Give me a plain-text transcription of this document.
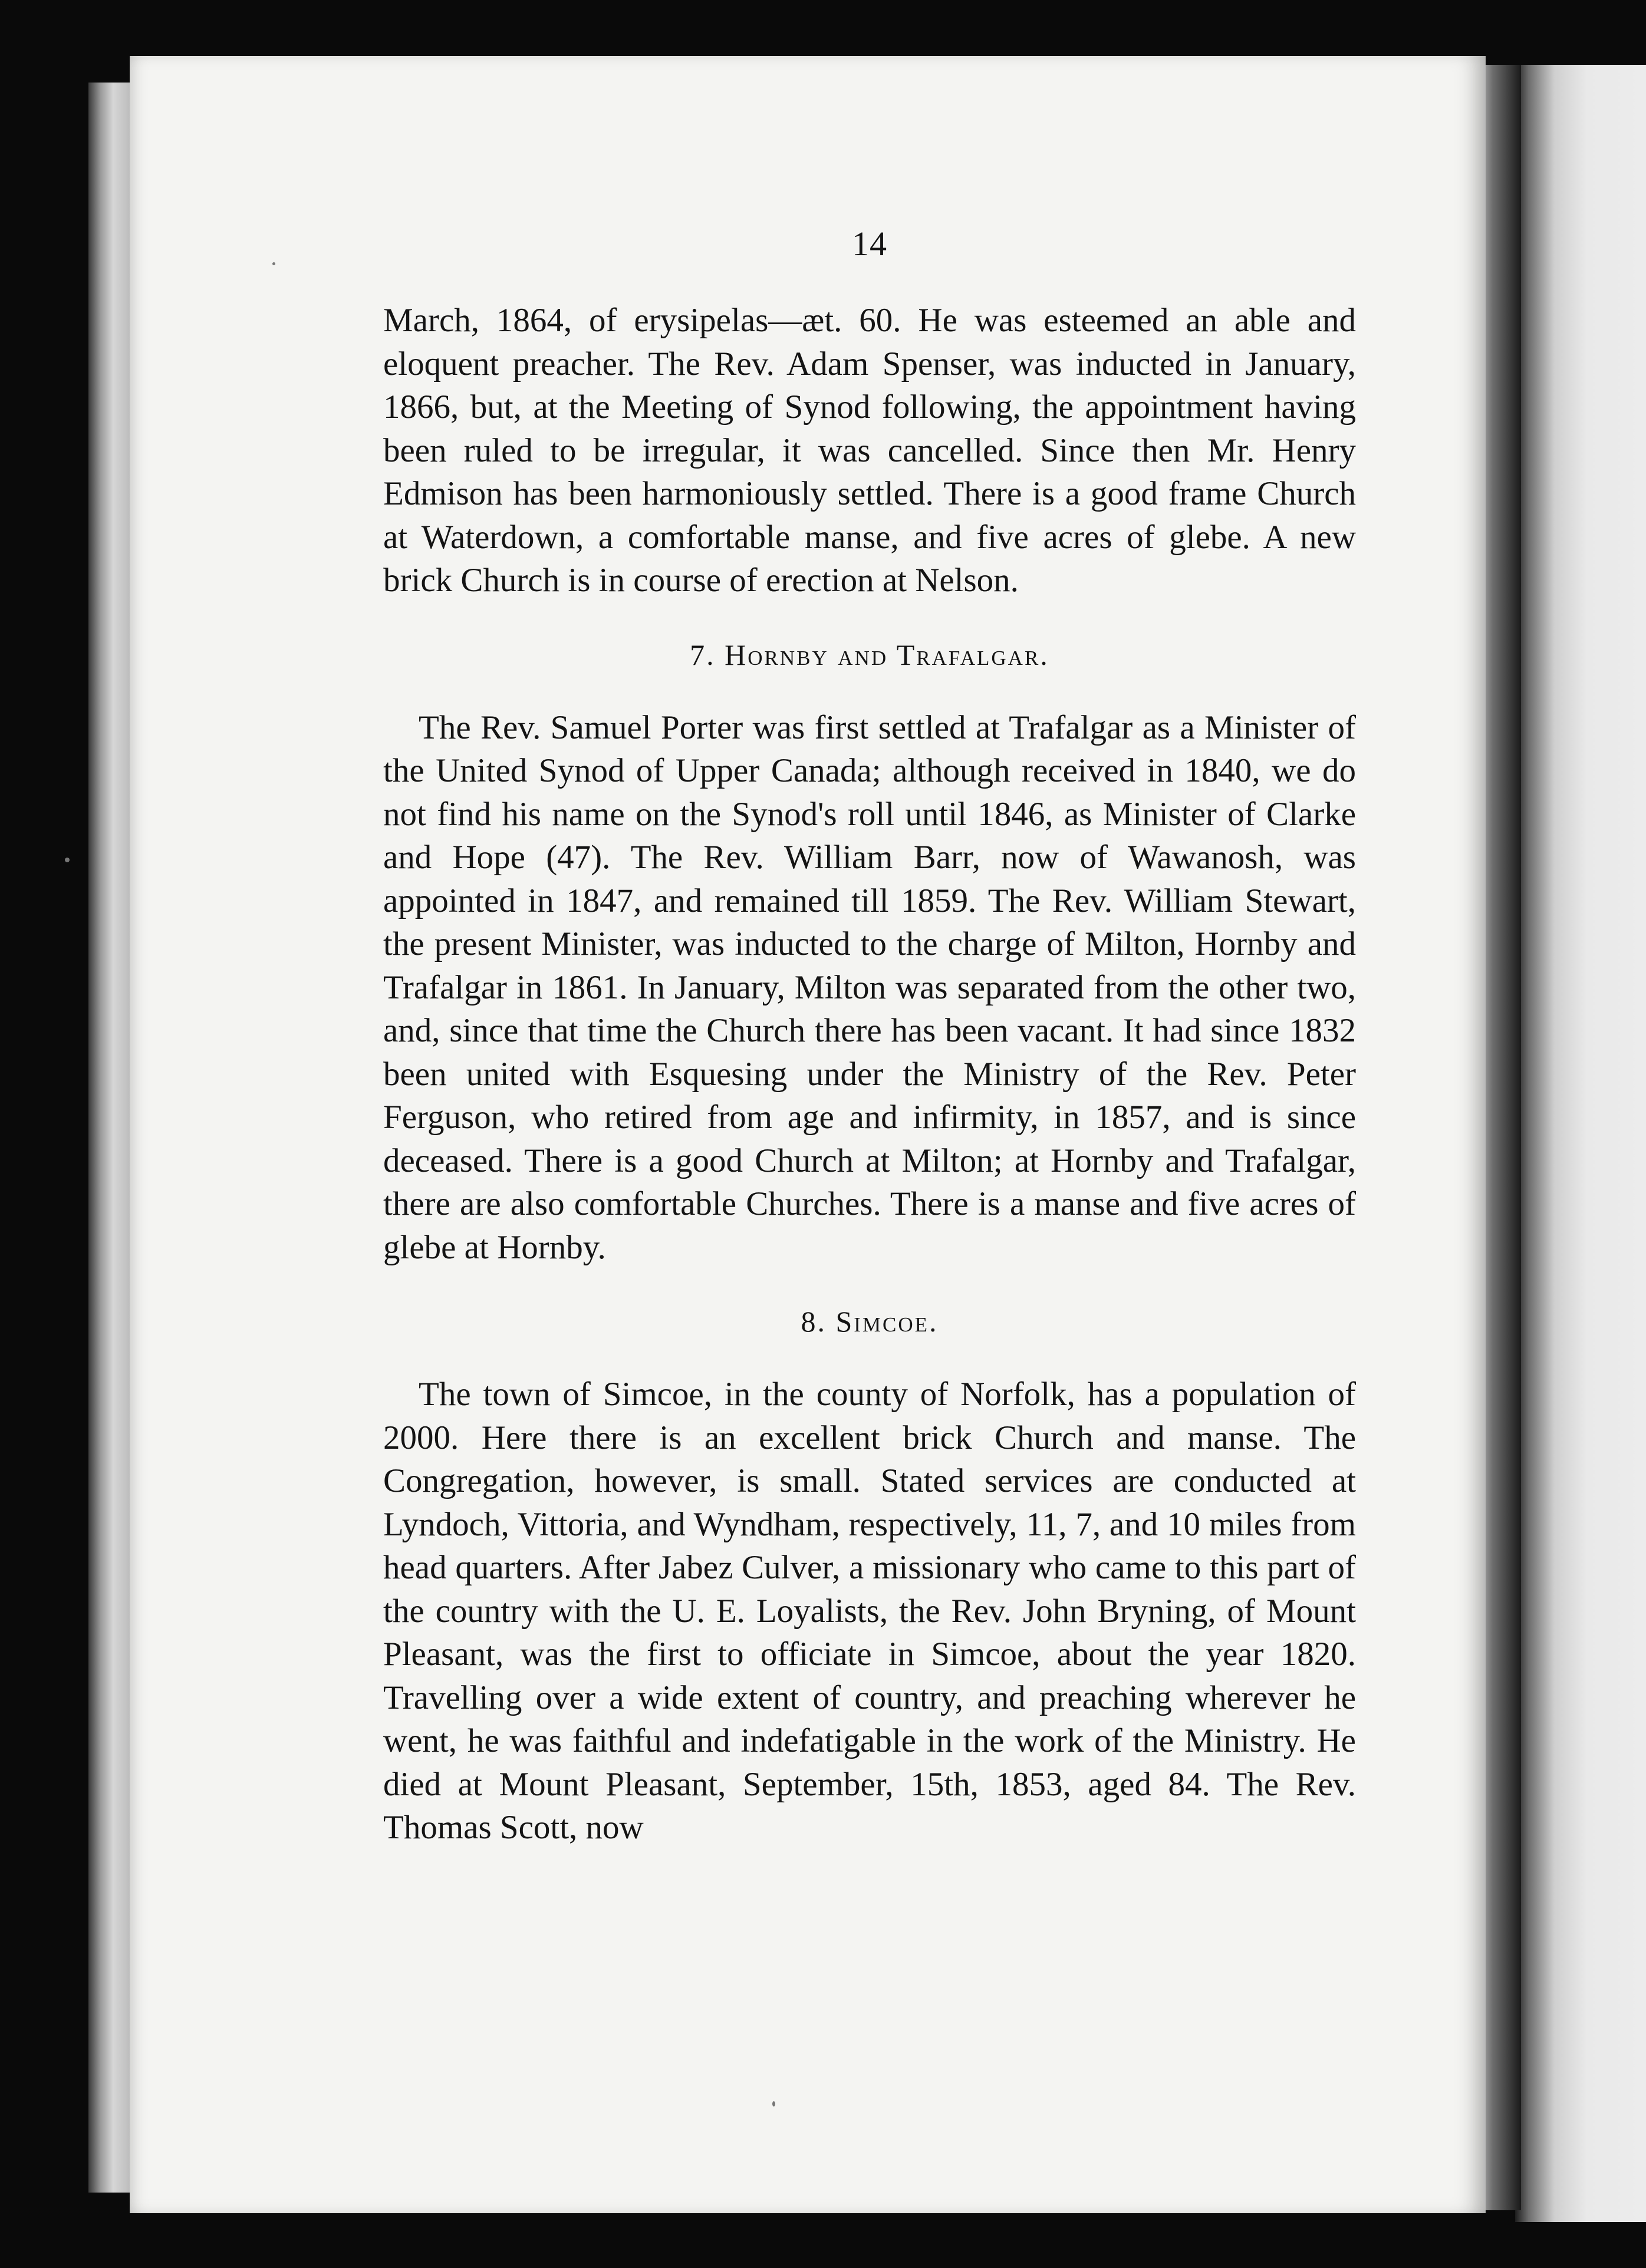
14

March, 1864, of erysipelas—æt. 60. He was esteemed an able and eloquent preacher. The Rev. Adam Spenser, was inducted in January, 1866, but, at the Meeting of Synod following, the appointment having been ruled to be irregular, it was cancelled. Since then Mr. Henry Edmison has been harmoniously settled. There is a good frame Church at Waterdown, a comfortable manse, and five acres of glebe. A new brick Church is in course of erection at Nelson.

7. Hornby and Trafalgar.

The Rev. Samuel Porter was first settled at Trafalgar as a Minister of the United Synod of Upper Canada; although received in 1840, we do not find his name on the Synod's roll until 1846, as Minister of Clarke and Hope (47). The Rev. William Barr, now of Wawanosh, was appointed in 1847, and remained till 1859. The Rev. William Stewart, the present Minister, was inducted to the charge of Milton, Hornby and Trafalgar in 1861. In January, Milton was separated from the other two, and, since that time the Church there has been vacant. It had since 1832 been united with Esquesing under the Ministry of the Rev. Peter Ferguson, who retired from age and infirmity, in 1857, and is since deceased. There is a good Church at Milton; at Hornby and Trafalgar, there are also comfortable Churches. There is a manse and five acres of glebe at Hornby.

8. Simcoe.

The town of Simcoe, in the county of Norfolk, has a population of 2000. Here there is an excellent brick Church and manse. The Congregation, however, is small. Stated services are conducted at Lyndoch, Vittoria, and Wyndham, respectively, 11, 7, and 10 miles from head quarters. After Jabez Culver, a missionary who came to this part of the country with the U. E. Loyalists, the Rev. John Bryning, of Mount Pleasant, was the first to officiate in Simcoe, about the year 1820. Travelling over a wide extent of country, and preaching wherever he went, he was faithful and indefatigable in the work of the Ministry. He died at Mount Pleasant, September, 15th, 1853, aged 84. The Rev. Thomas Scott, now
